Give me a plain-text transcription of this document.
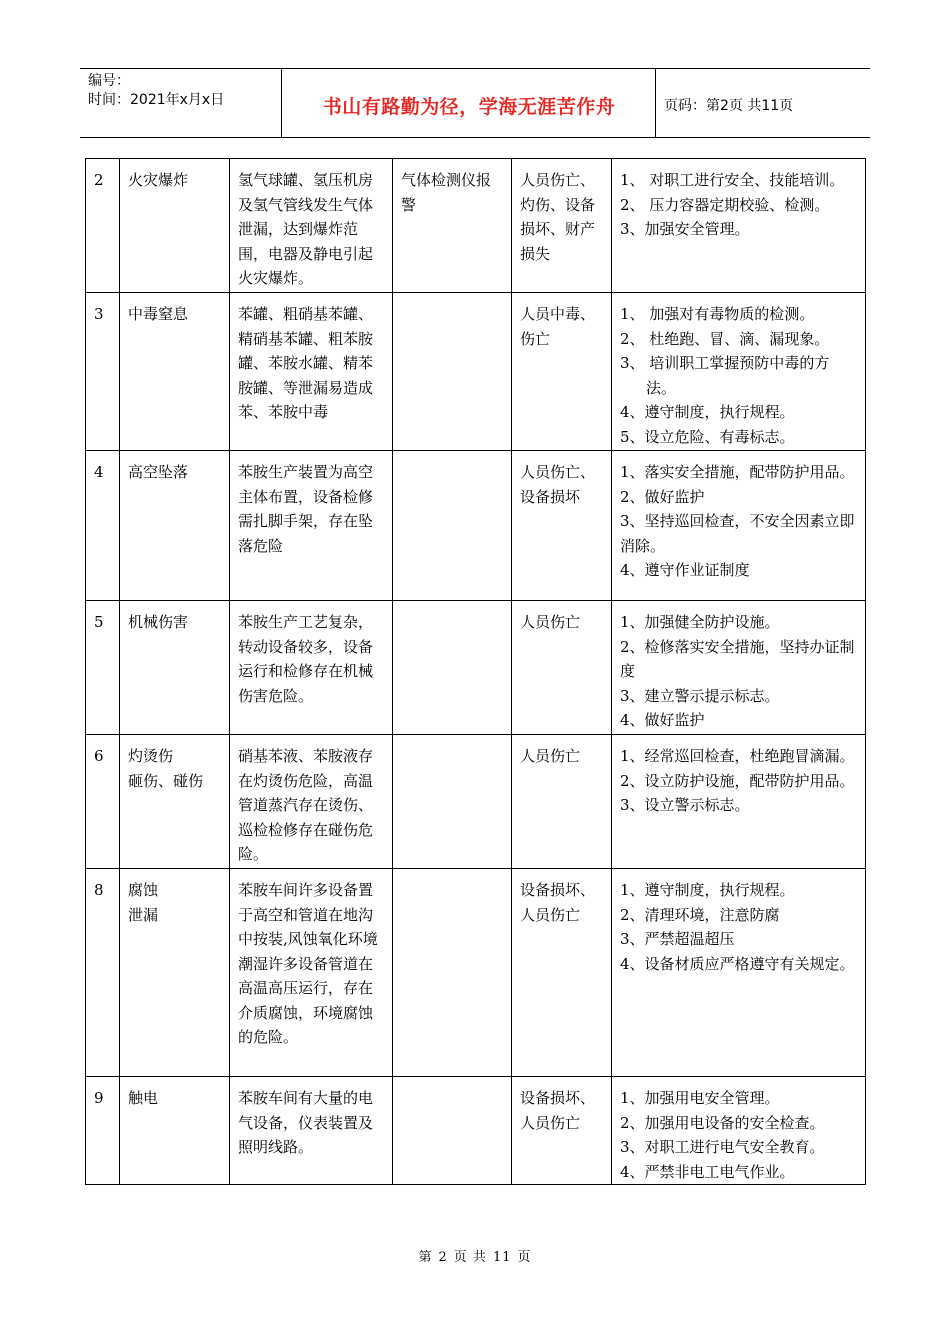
编号：
时间：2021年x月x日	书山有路勤为径，学海无涯苦作舟	页码：第2页 共11页
2	火灾爆炸	氢气球罐、氢压机房及氢气管线发生气体泄漏，达到爆炸范围，电器及静电引起火灾爆炸。	气体检测仪报警	人员伤亡、灼伤、设备损坏、财产损失	1、 对职工进行安全、技能培训。
2、 压力容器定期校验、检测。
3、加强安全管理。

3	中毒窒息	苯罐、粗硝基苯罐、精硝基苯罐、粗苯胺罐、苯胺水罐、精苯胺罐、等泄漏易造成苯、苯胺中毒		人员中毒、伤亡	1、 加强对有毒物质的检测。
2、 杜绝跑、冒、滴、漏现象。
3、 培训职工掌握预防中毒的方法。
4、遵守制度，执行规程。
5、设立危险、有毒标志。

4	高空坠落	苯胺生产装置为高空主体布置，设备检修需扎脚手架，存在坠落危险		人员伤亡、设备损坏	1、落实安全措施，配带防护用品。
2、做好监护
3、坚持巡回检查，不安全因素立即消除。
4、遵守作业证制度

5	机械伤害	苯胺生产工艺复杂，转动设备较多，设备运行和检修存在机械伤害危险。		人员伤亡	1、加强健全防护设施。
2、检修落实安全措施，坚持办证制度
3、建立警示提示标志。
4、做好监护

6	灼烫伤
砸伤、碰伤	硝基苯液、苯胺液存在灼烫伤危险，高温管道蒸汽存在烫伤、巡检检修存在碰伤危险。		人员伤亡	1、经常巡回检查，杜绝跑冒滴漏。
2、设立防护设施，配带防护用品。
3、设立警示标志。

8	腐蚀
泄漏	苯胺车间许多设备置于高空和管道在地沟中按装,风蚀氧化环境潮湿许多设备管道在高温高压运行，存在介质腐蚀，环境腐蚀的危险。		设备损坏、人员伤亡	1、遵守制度，执行规程。
2、清理环境，注意防腐
3、严禁超温超压
4、设备材质应严格遵守有关规定。

9	触电	苯胺车间有大量的电气设备，仪表装置及照明线路。		设备损坏、人员伤亡	1、加强用电安全管理。
2、加强用电设备的安全检查。
3、对职工进行电气安全教育。
4、严禁非电工电气作业。
第 2 页 共 11 页
